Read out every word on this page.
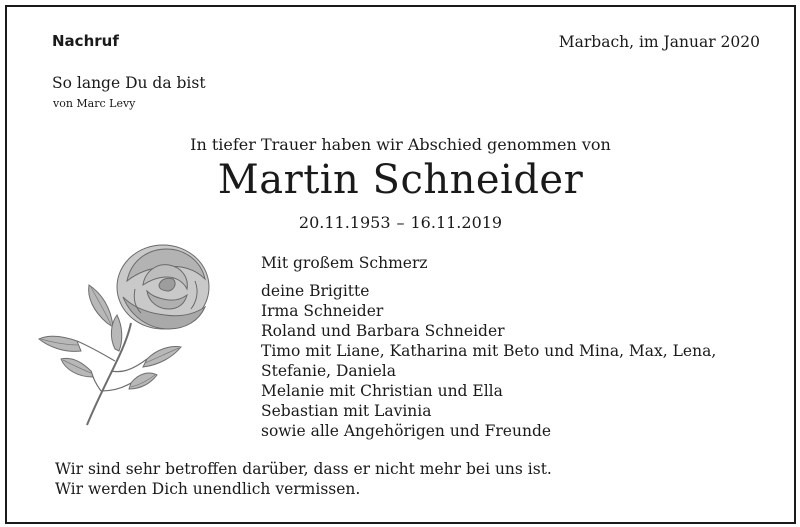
Nachruf	Marbach, im Januar 2020
So lange Du da bist
von Marc Levy
In tiefer Trauer haben wir Abschied genommen von
Martin Schneider
20.11.1953 – 16.11.2019
Mit großem Schmerz
deine Brigitte
Irma Schneider
Roland und Barbara Schneider
Timo mit Liane, Katharina mit Beto und Mina, Max, Lena,
Stefanie, Daniela
Melanie mit Christian und Ella
Sebastian mit Lavinia
sowie alle Angehörigen und Freunde
Wir sind sehr betroffen darüber, dass er nicht mehr bei uns ist.
Wir werden Dich unendlich vermissen.
